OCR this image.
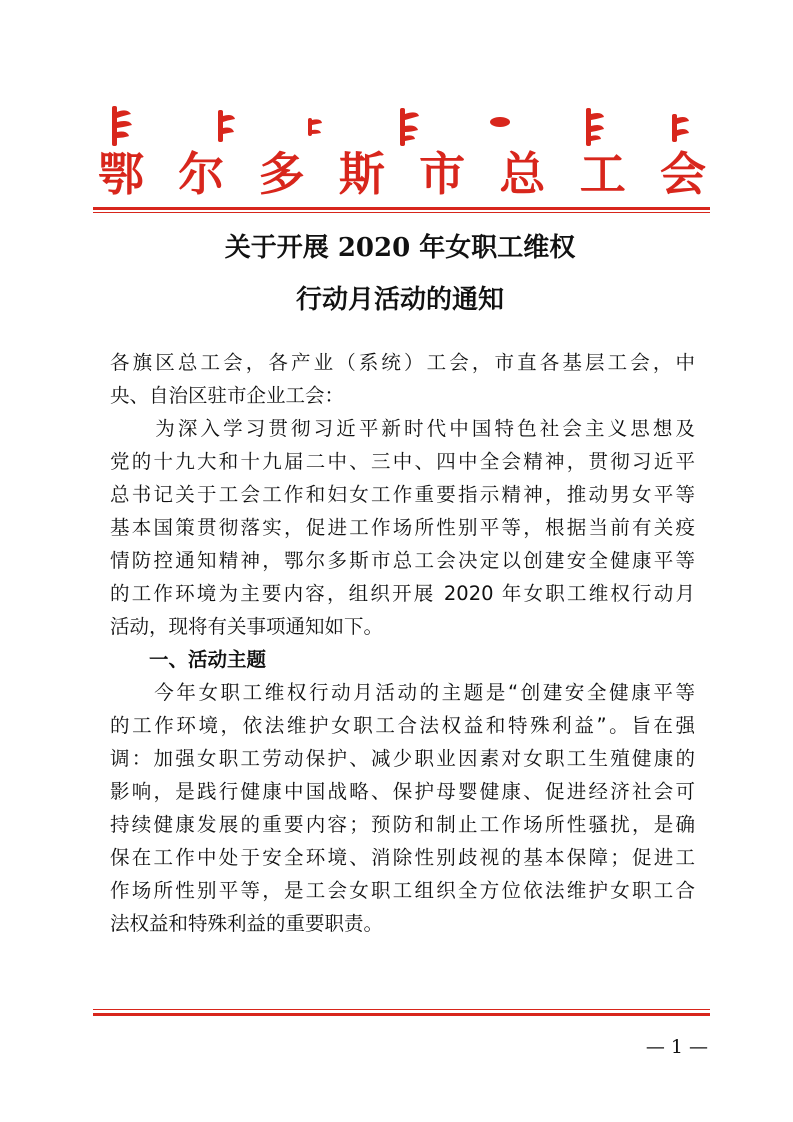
鄂 尔 多 斯 市 总 工 会
关于开展 2020 年女职工维权
行动月活动的通知
各旗区总工会，各产业（系统）工会，市直各基层工会，中
央、自治区驻市企业工会：
　　为深入学习贯彻习近平新时代中国特色社会主义思想及
党的十九大和十九届二中、三中、四中全会精神，贯彻习近平
总书记关于工会工作和妇女工作重要指示精神，推动男女平等
基本国策贯彻落实，促进工作场所性别平等，根据当前有关疫
情防控通知精神，鄂尔多斯市总工会决定以创建安全健康平等
的工作环境为主要内容，组织开展 2020 年女职工维权行动月
活动，现将有关事项通知如下。
　　一、活动主题
　　今年女职工维权行动月活动的主题是“创建安全健康平等
的工作环境，依法维护女职工合法权益和特殊利益”。旨在强
调：加强女职工劳动保护、减少职业因素对女职工生殖健康的
影响，是践行健康中国战略、保护母婴健康、促进经济社会可
持续健康发展的重要内容；预防和制止工作场所性骚扰，是确
保在工作中处于安全环境、消除性别歧视的基本保障；促进工
作场所性别平等，是工会女职工组织全方位依法维护女职工合
法权益和特殊利益的重要职责。
— 1 —
